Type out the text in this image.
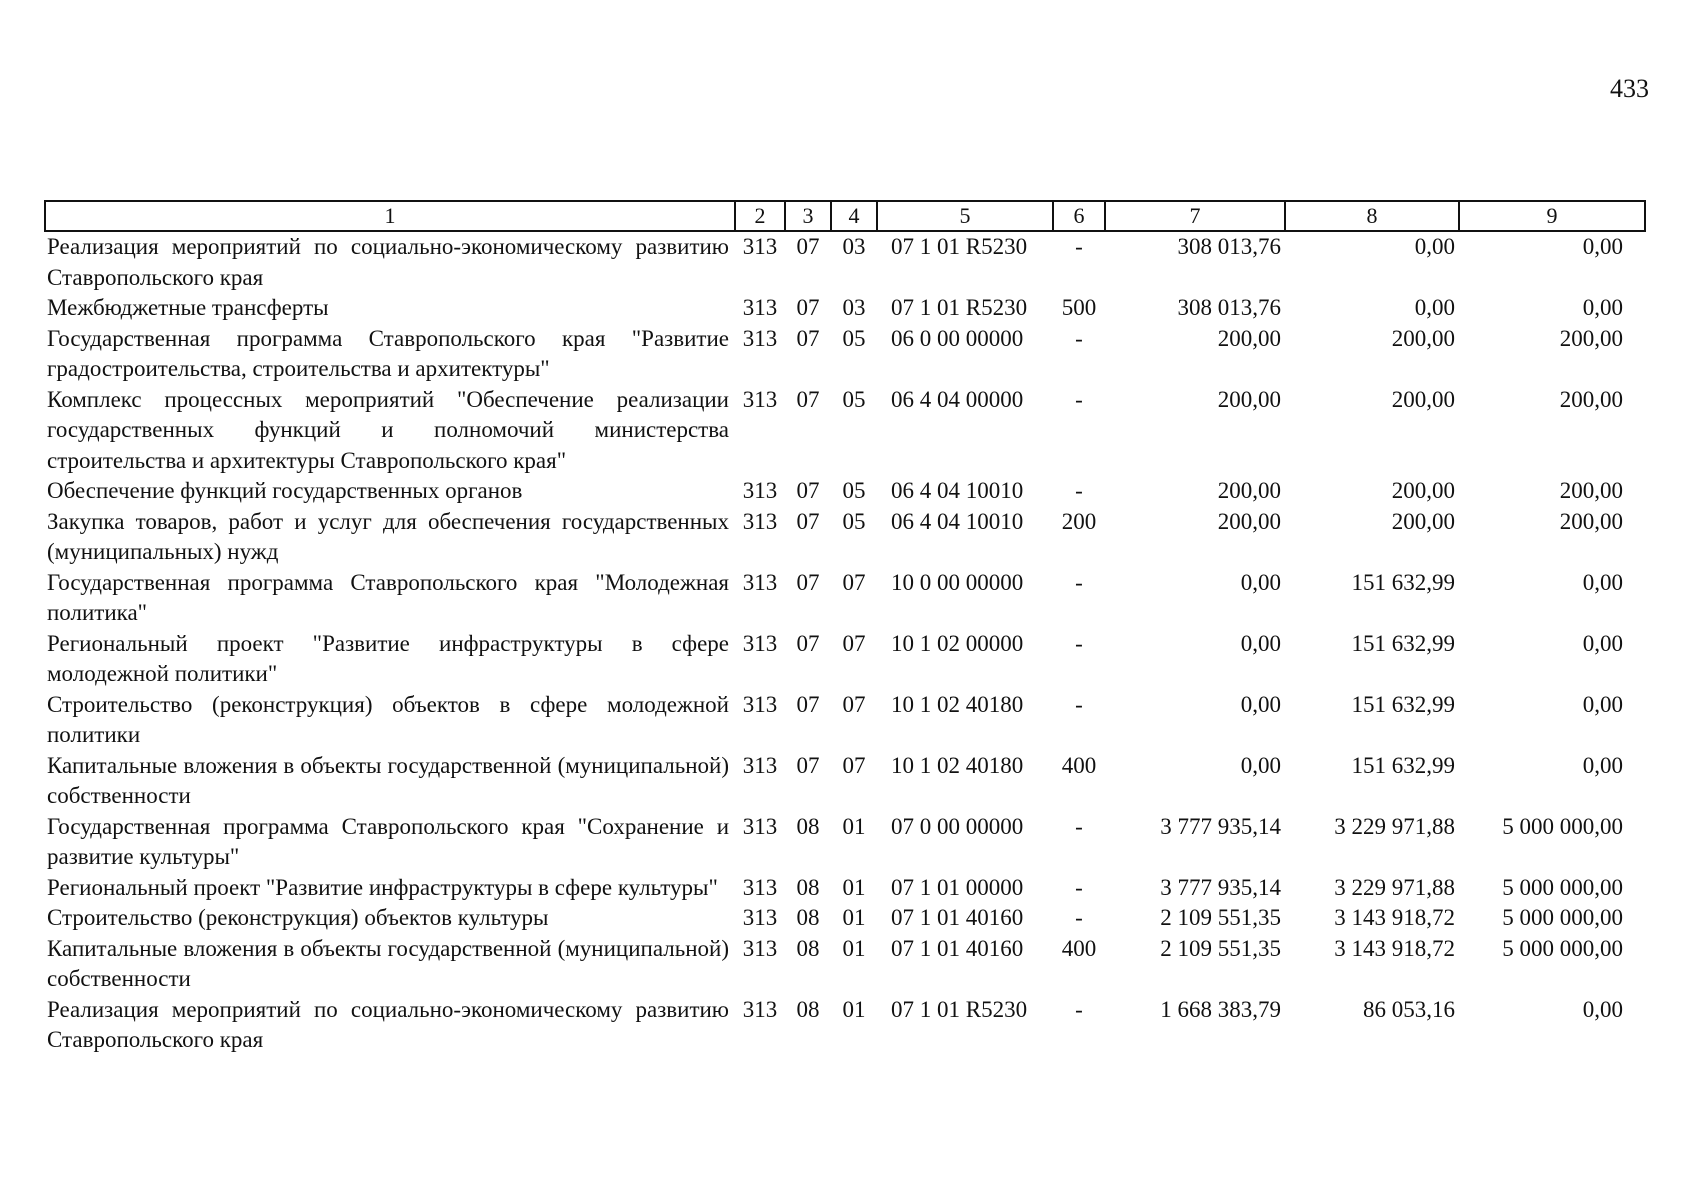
433
1	2	3	4	5	6	7	8	9
Реализация мероприятий по социально-экономическому развитию Ставропольского края	313	07	03	07 1 01 R5230	-	308 013,76	0,00	0,00
Межбюджетные трансферты	313	07	03	07 1 01 R5230	500	308 013,76	0,00	0,00
Государственная программа Ставропольского края "Развитие градостроительства, строительства и архитектуры"	313	07	05	06 0 00 00000	-	200,00	200,00	200,00
Комплекс процессных мероприятий "Обеспечение реализации государственных функций и полномочий министерства строительства и архитектуры Ставропольского края"	313	07	05	06 4 04 00000	-	200,00	200,00	200,00
Обеспечение функций государственных органов	313	07	05	06 4 04 10010	-	200,00	200,00	200,00
Закупка товаров, работ и услуг для обеспечения государственных (муниципальных) нужд	313	07	05	06 4 04 10010	200	200,00	200,00	200,00
Государственная программа Ставропольского края "Молодежная политика"	313	07	07	10 0 00 00000	-	0,00	151 632,99	0,00
Региональный проект "Развитие инфраструктуры в сфере молодежной политики"	313	07	07	10 1 02 00000	-	0,00	151 632,99	0,00
Строительство (реконструкция) объектов в сфере молодежной политики	313	07	07	10 1 02 40180	-	0,00	151 632,99	0,00
Капитальные вложения в объекты государственной (муниципальной) собственности	313	07	07	10 1 02 40180	400	0,00	151 632,99	0,00
Государственная программа Ставропольского края "Сохранение и развитие культуры"	313	08	01	07 0 00 00000	-	3 777 935,14	3 229 971,88	5 000 000,00
Региональный проект "Развитие инфраструктуры в сфере культуры"	313	08	01	07 1 01 00000	-	3 777 935,14	3 229 971,88	5 000 000,00
Строительство (реконструкция) объектов культуры	313	08	01	07 1 01 40160	-	2 109 551,35	3 143 918,72	5 000 000,00
Капитальные вложения в объекты государственной (муниципальной) собственности	313	08	01	07 1 01 40160	400	2 109 551,35	3 143 918,72	5 000 000,00
Реализация мероприятий по социально-экономическому развитию Ставропольского края	313	08	01	07 1 01 R5230	-	1 668 383,79	86 053,16	0,00
